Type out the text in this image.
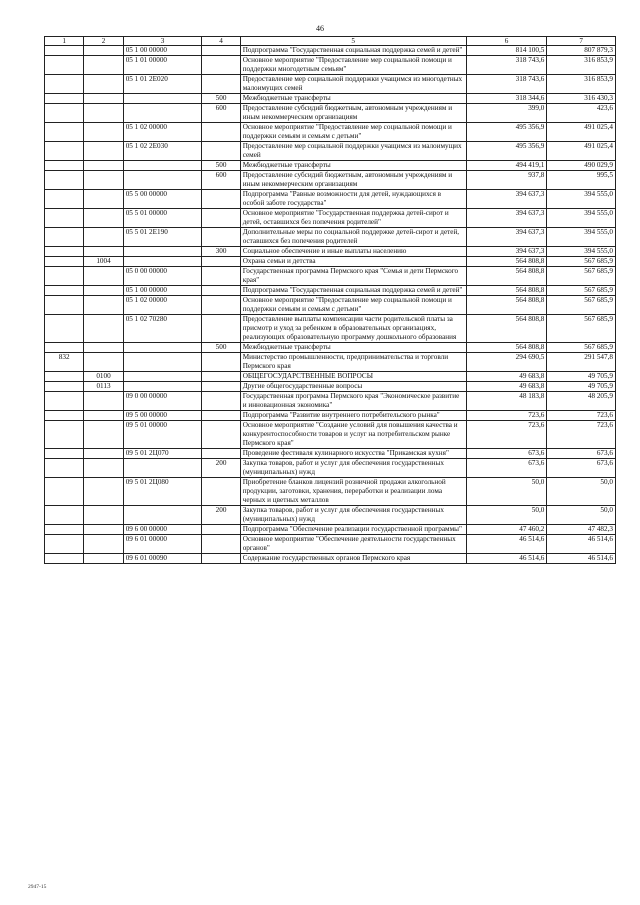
46
1	2	3	4	5	6	7
		05 1 00 00000		Подпрограмма "Государственная социальная поддержка семей и детей"	814 100,5	807 879,3
		05 1 01 00000		Основное мероприятие "Предоставление мер социальной помощи и поддержки многодетным семьям"	318 743,6	316 853,9
		05 1 01 2Е020		Предоставление мер социальной поддержки учащимся из многодетных малоимущих семей	318 743,6	316 853,9
			500	Межбюджетные трансферты	318 344,6	316 430,3
			600	Предоставление субсидий бюджетным, автономным учреждениям и иным некоммерческим организациям	399,0	423,6
		05 1 02 00000		Основное мероприятие "Предоставление мер социальной помощи и поддержки семьям и семьям с детьми"	495 356,9	491 025,4
		05 1 02 2Е030		Предоставление мер социальной поддержки учащимся из малоимущих семей	495 356,9	491 025,4
			500	Межбюджетные трансферты	494 419,1	490 029,9
			600	Предоставление субсидий бюджетным, автономным учреждениям и иным некоммерческим организациям	937,8	995,5
		05 5 00 00000		Подпрограмма "Равные возможности для детей, нуждающихся в особой заботе государства"	394 637,3	394 555,0
		05 5 01 00000		Основное мероприятие "Государственная поддержка детей-сирот и детей, оставшихся без попечения родителей"	394 637,3	394 555,0
		05 5 01 2Е190		Дополнительные меры по социальной поддержке детей-сирот и детей, оставшихся без попечения родителей	394 637,3	394 555,0
			300	Социальное обеспечение и иные выплаты населению	394 637,3	394 555,0
	1004			Охрана семьи и детства	564 808,8	567 685,9
		05 0 00 00000		Государственная программа Пермского края "Семья и дети Пермского края"	564 808,8	567 685,9
		05 1 00 00000		Подпрограмма "Государственная социальная поддержка семей и детей"	564 808,8	567 685,9
		05 1 02 00000		Основное мероприятие "Предоставление мер социальной помощи и поддержки семьям и семьям с детьми"	564 808,8	567 685,9
		05 1 02 70280		Предоставление выплаты компенсации части родительской платы за присмотр и уход за ребенком в образовательных организациях, реализующих образовательную программу дошкольного образования	564 808,8	567 685,9
			500	Межбюджетные трансферты	564 808,8	567 685,9
832				Министерство промышленности, предпринимательства и торговли Пермского края	294 690,5	291 547,8
	0100			ОБЩЕГОСУДАРСТВЕННЫЕ ВОПРОСЫ	49 683,8	49 705,9
	0113			Другие общегосударственные вопросы	49 683,8	49 705,9
		09 0 00 00000		Государственная программа Пермского края "Экономическое развитие и инновационная экономика"	48 183,8	48 205,9
		09 5 00 00000		Подпрограмма "Развитие внутреннего потребительского рынка"	723,6	723,6
		09 5 01 00000		Основное мероприятие "Создание условий для повышения качества и конкурентоспособности товаров и услуг на потребительском рынке Пермского края"	723,6	723,6
		09 5 01 2Ц070		Проведение фестиваля кулинарного искусства "Прикамская кухня"	673,6	673,6
			200	Закупка товаров, работ и услуг для обеспечения государственных (муниципальных) нужд	673,6	673,6
		09 5 01 2Ц080		Приобретение бланков лицензий розничной продажи алкогольной продукции, заготовки, хранения, переработки и реализации лома черных и цветных металлов	50,0	50,0
			200	Закупка товаров, работ и услуг для обеспечения государственных (муниципальных) нужд	50,0	50,0
		09 6 00 00000		Подпрограмма "Обеспечение реализации государственной программы"	47 460,2	47 482,3
		09 6 01 00000		Основное мероприятие "Обеспечение деятельности государственных органов"	46 514,6	46 514,6
		09 6 01 00090		Содержание государственных органов Пермского края	46 514,6	46 514,6
2947-15
